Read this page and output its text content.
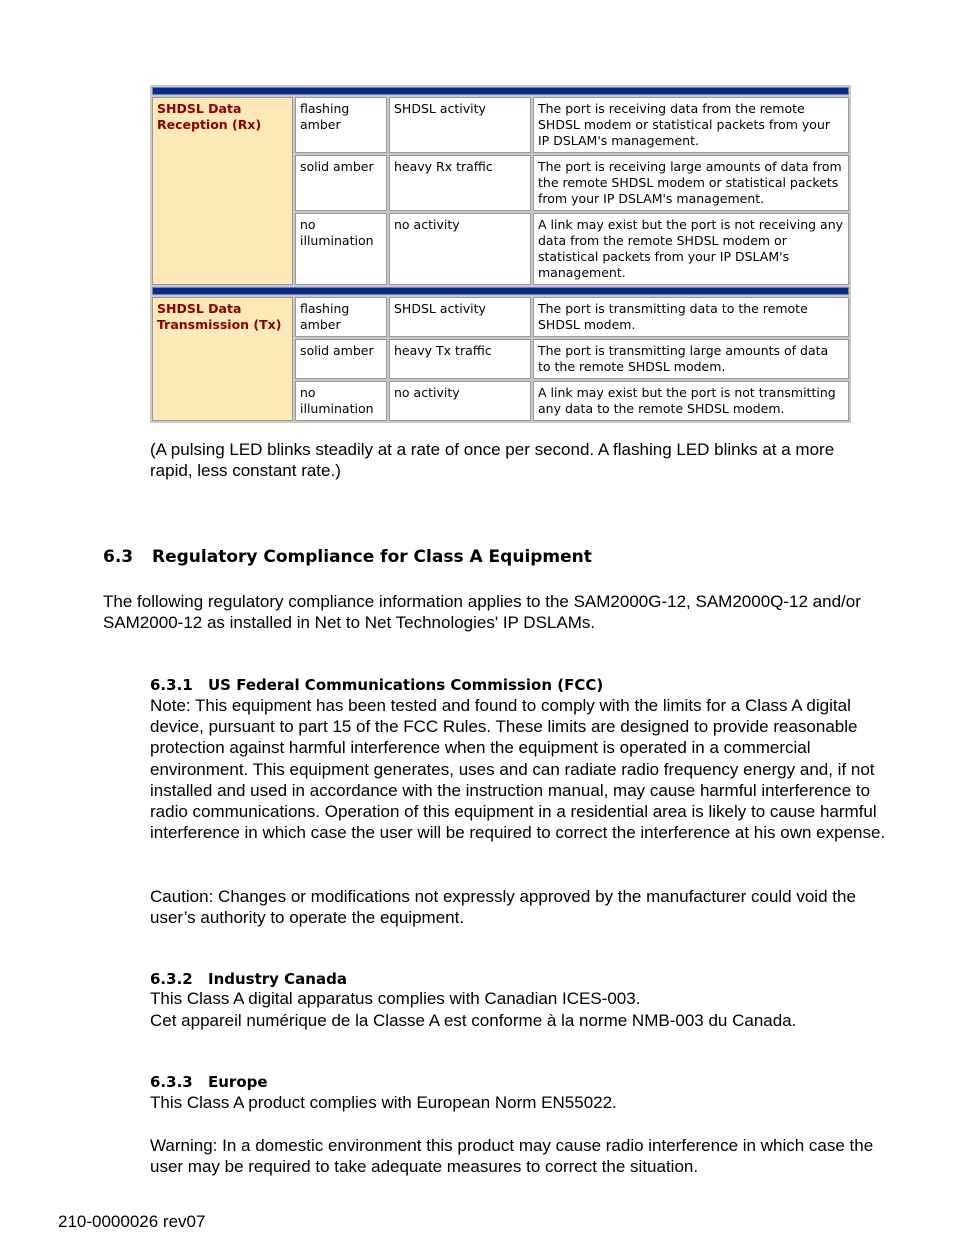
SHDSL Data Reception (Rx)	flashing amber	SHDSL activity	The port is receiving data from the remote SHDSL modem or statistical packets from your IP DSLAM's management.
	solid amber	heavy Rx traffic	The port is receiving large amounts of data from the remote SHDSL modem or statistical packets from your IP DSLAM's management.
	no illumination	no activity	A link may exist but the port is not receiving any data from the remote SHDSL modem or statistical packets from your IP DSLAM's management.

SHDSL Data Transmission (Tx)	flashing amber	SHDSL activity	The port is transmitting data to the remote SHDSL modem.
	solid amber	heavy Tx traffic	The port is transmitting large amounts of data to the remote SHDSL modem.
	no illumination	no activity	A link may exist but the port is not transmitting any data to the remote SHDSL modem.
(A pulsing LED blinks steadily at a rate of once per second. A flashing LED blinks at a more rapid, less constant rate.)
6.3 Regulatory Compliance for Class A Equipment
The following regulatory compliance information applies to the SAM2000G-12, SAM2000Q-12 and/or SAM2000-12 as installed in Net to Net Technologies' IP DSLAMs.
6.3.1 US Federal Communications Commission (FCC)

Note: This equipment has been tested and found to comply with the limits for a Class A digital device, pursuant to part 15 of the FCC Rules. These limits are designed to provide reasonable protection against harmful interference when the equipment is operated in a commercial environment. This equipment generates, uses and can radiate radio frequency energy and, if not installed and used in accordance with the instruction manual, may cause harmful interference to radio communications. Operation of this equipment in a residential area is likely to cause harmful interference in which case the user will be required to correct the interference at his own expense.

Caution: Changes or modifications not expressly approved by the manufacturer could void the user’s authority to operate the equipment.

6.3.2 Industry Canada

This Class A digital apparatus complies with Canadian ICES-003.

Cet appareil numérique de la Classe A est conforme à la norme NMB-003 du Canada.

6.3.3 Europe

This Class A product complies with European Norm EN55022.

Warning: In a domestic environment this product may cause radio interference in which case the user may be required to take adequate measures to correct the situation.

210-0000026 rev07
